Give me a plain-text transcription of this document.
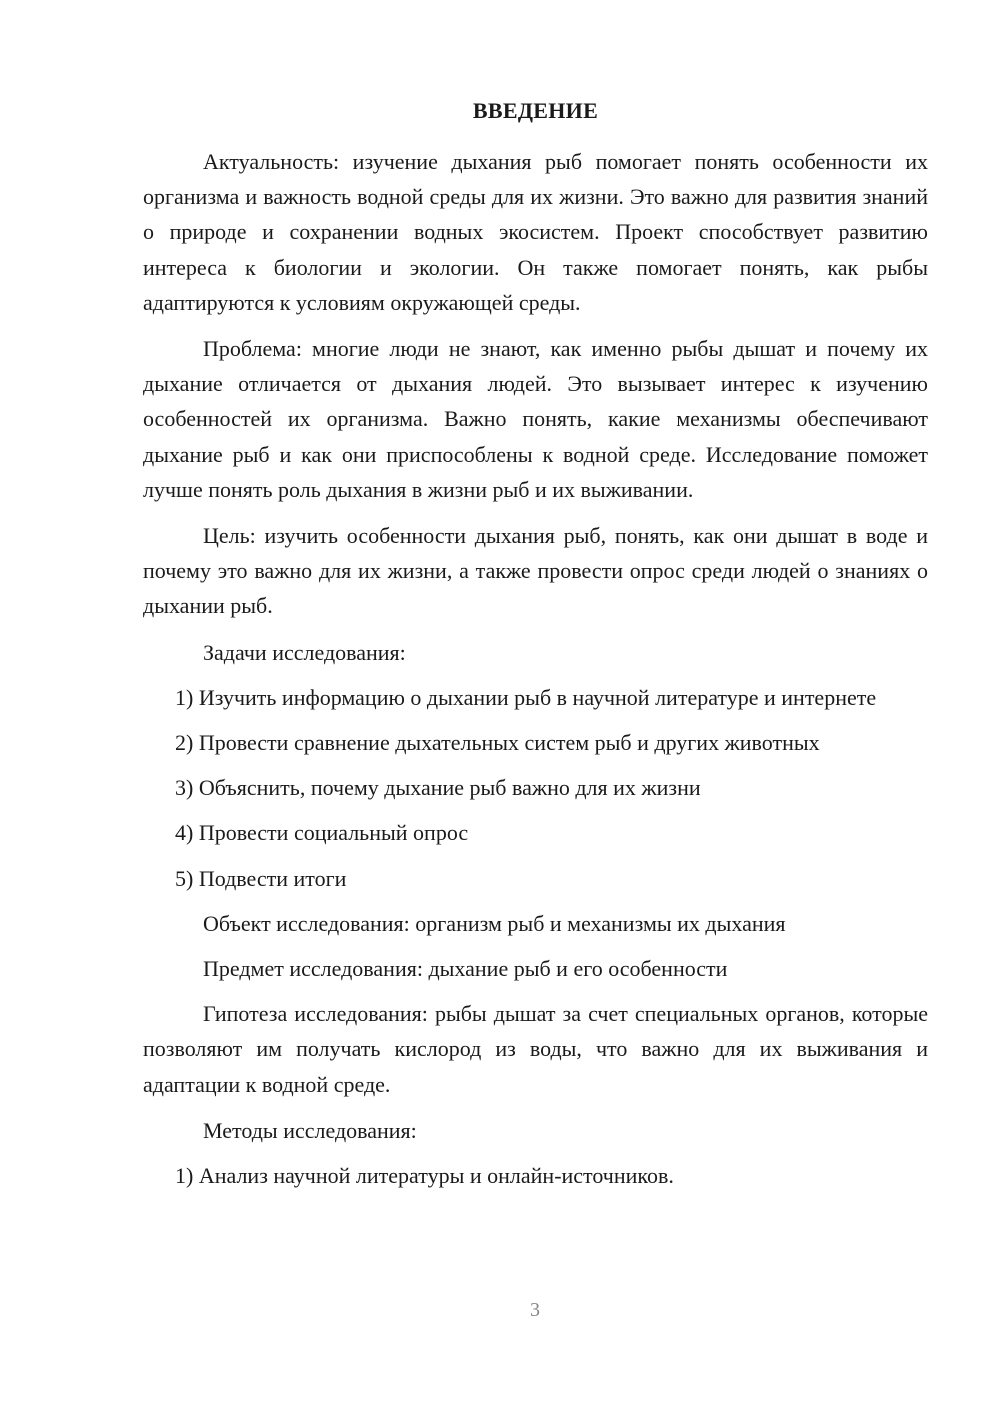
ВВЕДЕНИЕ

Актуальность: изучение дыхания рыб помогает понять особенности их организма и важность водной среды для их жизни. Это важно для развития знаний о природе и сохранении водных экосистем. Проект способствует развитию интереса к биологии и экологии. Он также помогает понять, как рыбы адаптируются к условиям окружающей среды.

Проблема: многие люди не знают, как именно рыбы дышат и почему их дыхание отличается от дыхания людей. Это вызывает интерес к изучению особенностей их организма. Важно понять, какие механизмы обеспечивают дыхание рыб и как они приспособлены к водной среде. Исследование поможет лучше понять роль дыхания в жизни рыб и их выживании.

Цель: изучить особенности дыхания рыб, понять, как они дышат в воде и почему это важно для их жизни, а также провести опрос среди людей о знаниях о дыхании рыб.

Задачи исследования:

1) Изучить информацию о дыхании рыб в научной литературе и интернете

2) Провести сравнение дыхательных систем рыб и других животных

3) Объяснить, почему дыхание рыб важно для их жизни

4) Провести социальный опрос

5) Подвести итоги

Объект исследования: организм рыб и механизмы их дыхания

Предмет исследования: дыхание рыб и его особенности

Гипотеза исследования: рыбы дышат за счет специальных органов, которые позволяют им получать кислород из воды, что важно для их выживания и адаптации к водной среде.

Методы исследования:

1) Анализ научной литературы и онлайн-источников.

3
